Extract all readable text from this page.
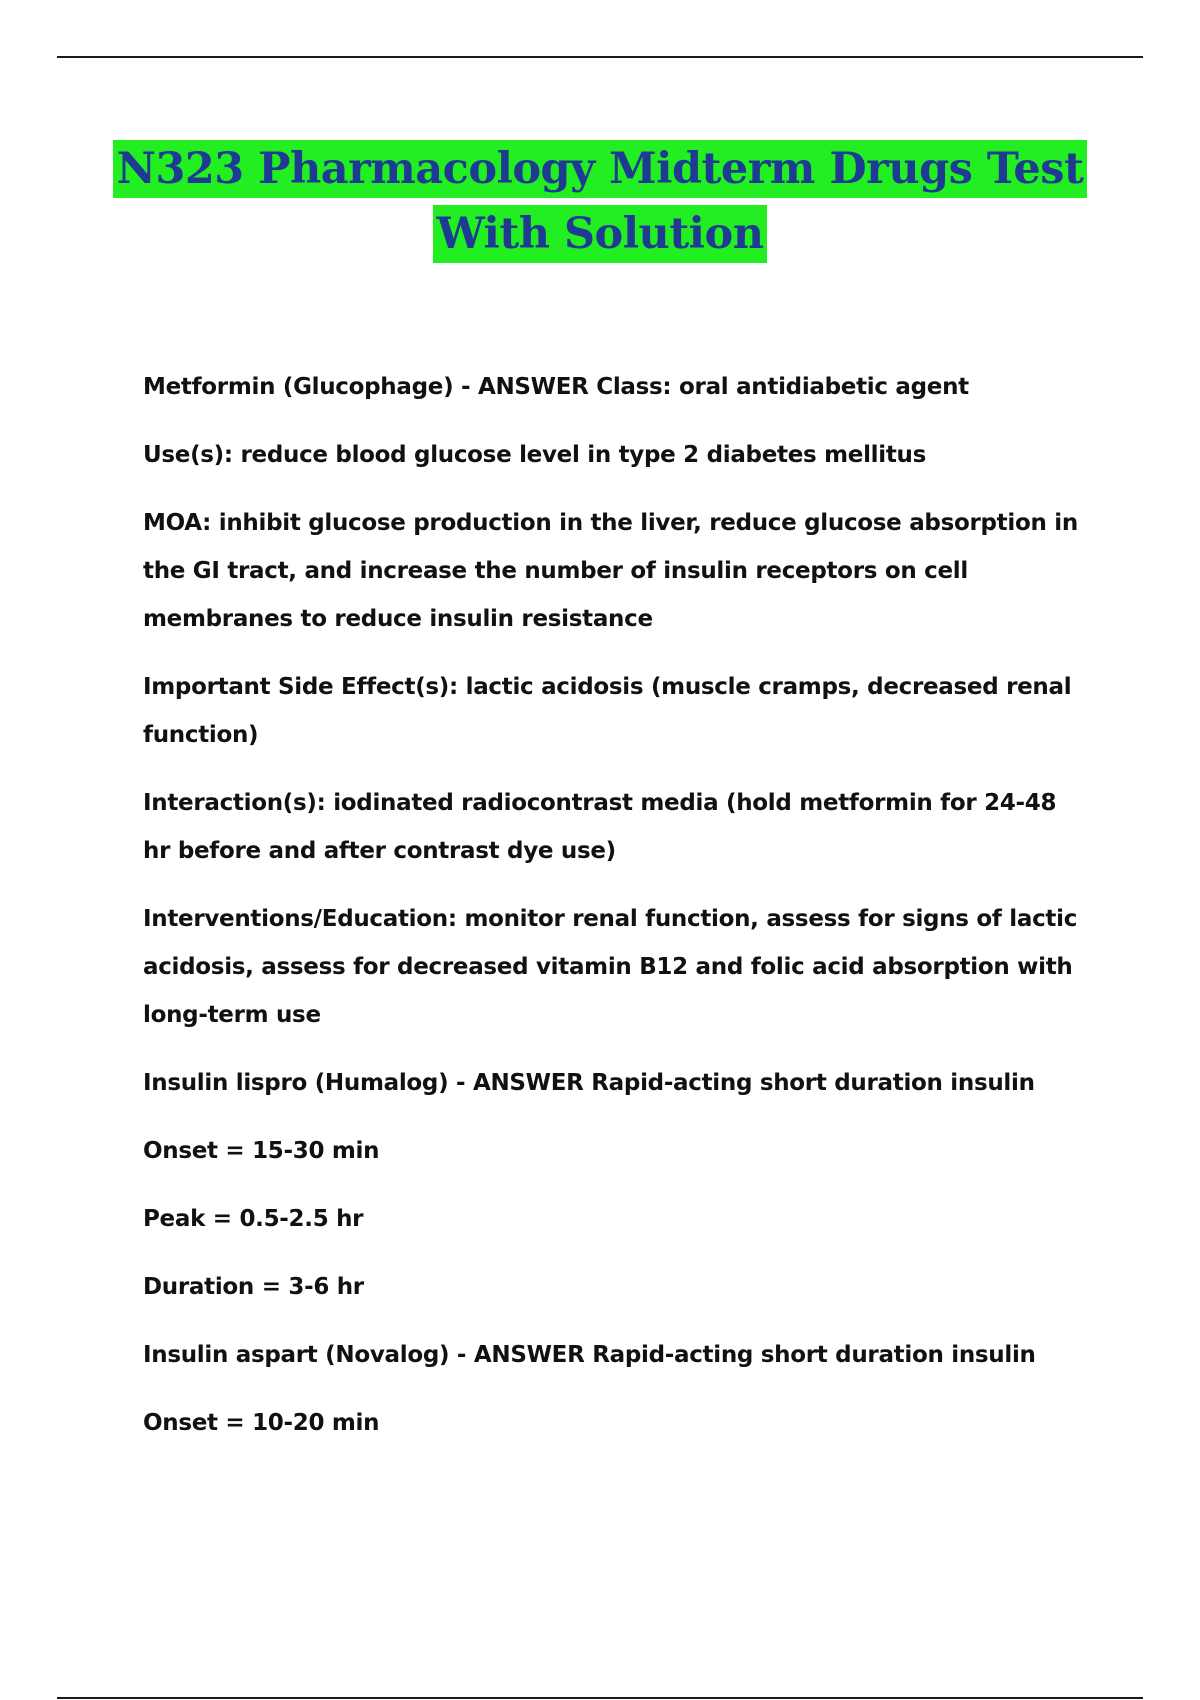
N323 Pharmacology Midterm Drugs Test
With Solution

Metformin (Glucophage) - ANSWER Class: oral antidiabetic agent

Use(s): reduce blood glucose level in type 2 diabetes mellitus

MOA: inhibit glucose production in the liver, reduce glucose absorption in the GI tract, and increase the number of insulin receptors on cell membranes to reduce insulin resistance

Important Side Effect(s): lactic acidosis (muscle cramps, decreased renal function)

Interaction(s): iodinated radiocontrast media (hold metformin for 24-48 hr before and after contrast dye use)

Interventions/Education: monitor renal function, assess for signs of lactic acidosis, assess for decreased vitamin B12 and folic acid absorption with long-term use

Insulin lispro (Humalog) - ANSWER Rapid-acting short duration insulin

Onset = 15-30 min

Peak = 0.5-2.5 hr

Duration = 3-6 hr

Insulin aspart (Novalog) - ANSWER Rapid-acting short duration insulin

Onset = 10-20 min
